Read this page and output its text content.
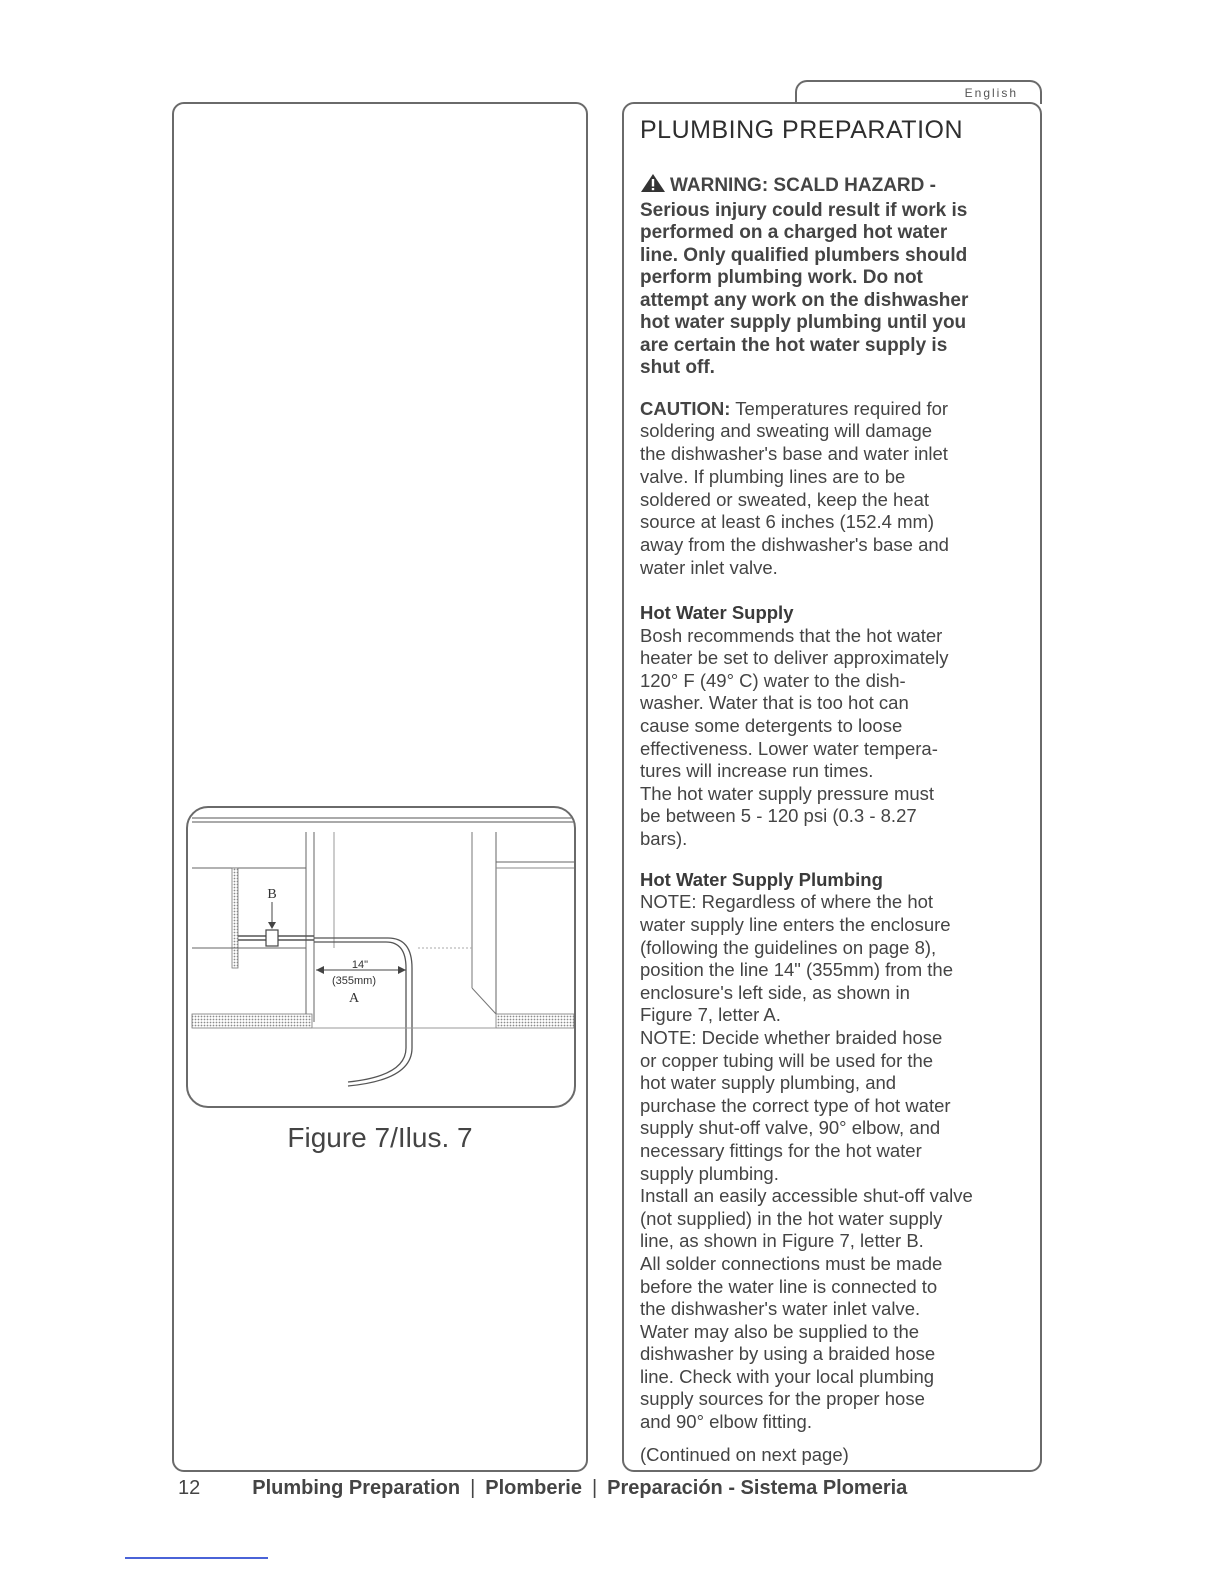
B
14"
(355mm)
A
Figure 7/Ilus. 7
English
PLUMBING PREPARATION
WARNING: SCALD HAZARD -
Serious injury could result if work is
performed on a charged hot water
line. Only qualified plumbers should
perform plumbing work. Do not
attempt any work on the dishwasher
hot water supply plumbing until you
are certain the hot water supply is
shut off.
CAUTION: Temperatures required for
soldering and sweating will damage
the dishwasher's base and water inlet
valve. If plumbing lines are to be
soldered or sweated, keep the heat
source at least 6 inches (152.4 mm)
away from the dishwasher's base and
water inlet valve.
Hot Water Supply
Bosh recommends that the hot water
heater be set to deliver approximately
120° F (49° C) water to the dish-
washer. Water that is too hot can
cause some detergents to loose
effectiveness. Lower water tempera-
tures will increase run times.
The hot water supply pressure must
be between 5 - 120 psi (0.3 - 8.27
bars).
Hot Water Supply Plumbing
NOTE: Regardless of where the hot
water supply line enters the enclosure
(following the guidelines on page 8),
position the line 14" (355mm) from the
enclosure's left side, as shown in
Figure 7, letter A.
NOTE: Decide whether braided hose
or copper tubing will be used for the
hot water supply plumbing, and
purchase the correct type of hot water
supply shut-off valve, 90° elbow, and
necessary fittings for the hot water
supply plumbing.
Install an easily accessible shut-off valve
(not supplied) in the hot water supply
line, as shown in Figure 7, letter B.
All solder connections must be made
before the water line is connected to
the dishwasher's water inlet valve.
Water may also be supplied to the
dishwasher by using a braided hose
line. Check with your local plumbing
supply sources for the proper hose
and 90° elbow fitting.
(Continued on next page)
12	Plumbing Preparation | Plomberie | Preparación - Sistema Plomeria
